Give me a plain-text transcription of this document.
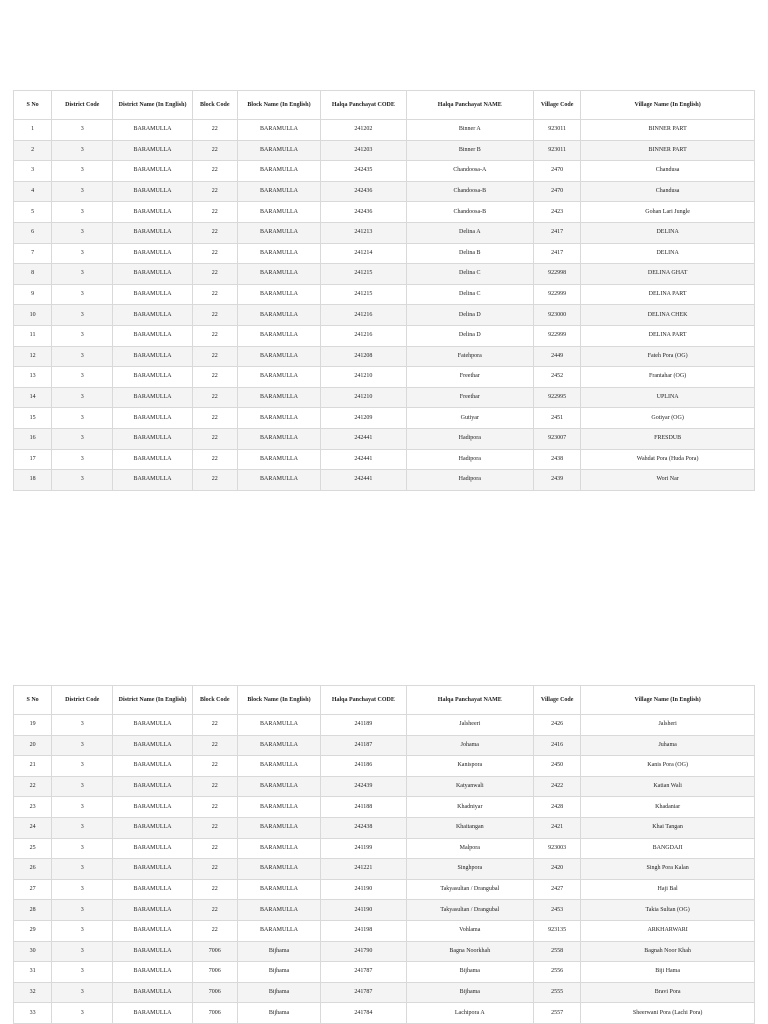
S No	District Code	District Name (In English)	Block Code	Block Name (In English)	Halqa Panchayat CODE	Halqa Panchayat NAME	Village Code	Village Name (In English)
1	3	BARAMULLA	22	BARAMULLA	241202	Binner A	923011	BINNER PART
2	3	BARAMULLA	22	BARAMULLA	241203	Binner B	923011	BINNER PART
3	3	BARAMULLA	22	BARAMULLA	242435	Chandoosa-A	2470	Chandusa
4	3	BARAMULLA	22	BARAMULLA	242436	Chandoosa-B	2470	Chandusa
5	3	BARAMULLA	22	BARAMULLA	242436	Chandoosa-B	2423	Gohan Lari Jungle
6	3	BARAMULLA	22	BARAMULLA	241213	Delina A	2417	DELINA
7	3	BARAMULLA	22	BARAMULLA	241214	Delina B	2417	DELINA
8	3	BARAMULLA	22	BARAMULLA	241215	Delina C	922998	DELINA GHAT
9	3	BARAMULLA	22	BARAMULLA	241215	Delina C	922999	DELINA PART
10	3	BARAMULLA	22	BARAMULLA	241216	Delina D	923000	DELINA CHEK
11	3	BARAMULLA	22	BARAMULLA	241216	Delina D	922999	DELINA PART
12	3	BARAMULLA	22	BARAMULLA	241208	Fatehpora	2449	Fateh Pora (OG)
13	3	BARAMULLA	22	BARAMULLA	241210	Freethar	2452	Frantahar (OG)
14	3	BARAMULLA	22	BARAMULLA	241210	Freethar	922995	UPLINA
15	3	BARAMULLA	22	BARAMULLA	241209	Gutiyar	2451	Gotiyar (OG)
16	3	BARAMULLA	22	BARAMULLA	242441	Hadipora	923007	FRESDUB
17	3	BARAMULLA	22	BARAMULLA	242441	Hadipora	2438	Wahdat Pora (Huda Pora)
18	3	BARAMULLA	22	BARAMULLA	242441	Hadipora	2439	Wori Nar
S No	District Code	District Name (In English)	Block Code	Block Name (In English)	Halqa Panchayat CODE	Halqa Panchayat NAME	Village Code	Village Name (In English)
19	3	BARAMULLA	22	BARAMULLA	241189	Jalsheeri	2426	Jalsheri
20	3	BARAMULLA	22	BARAMULLA	241187	Johama	2416	Juhama
21	3	BARAMULLA	22	BARAMULLA	241186	Kanispora	2450	Kanis Pora (OG)
22	3	BARAMULLA	22	BARAMULLA	242439	Katyanwali	2422	Katian Wali
23	3	BARAMULLA	22	BARAMULLA	241188	Khadniyar	2428	Khadaniar
24	3	BARAMULLA	22	BARAMULLA	242438	Khaitangan	2421	Khai Tangan
25	3	BARAMULLA	22	BARAMULLA	241199	Malpora	923003	BANGDAJI
26	3	BARAMULLA	22	BARAMULLA	241221	Singhpora	2420	Singh Pora Kalan
27	3	BARAMULLA	22	BARAMULLA	241190	Takyasultan / Drangubal	2427	Haji Bal
28	3	BARAMULLA	22	BARAMULLA	241190	Takyasultan / Drangubal	2453	Takia Sultan (OG)
29	3	BARAMULLA	22	BARAMULLA	241198	Vohlama	923135	ARKHARWARI
30	3	BARAMULLA	7006	Bijhama	241790	Bagna Noorkhah	2558	Bagnah Noor Khah
31	3	BARAMULLA	7006	Bijhama	241787	Bijhama	2556	Biji Hama
32	3	BARAMULLA	7006	Bijhama	241787	Bijhama	2555	Bravi Pora
33	3	BARAMULLA	7006	Bijhama	241784	Lachipora A	2557	Sheerwani Pora (Lachi Pora)
